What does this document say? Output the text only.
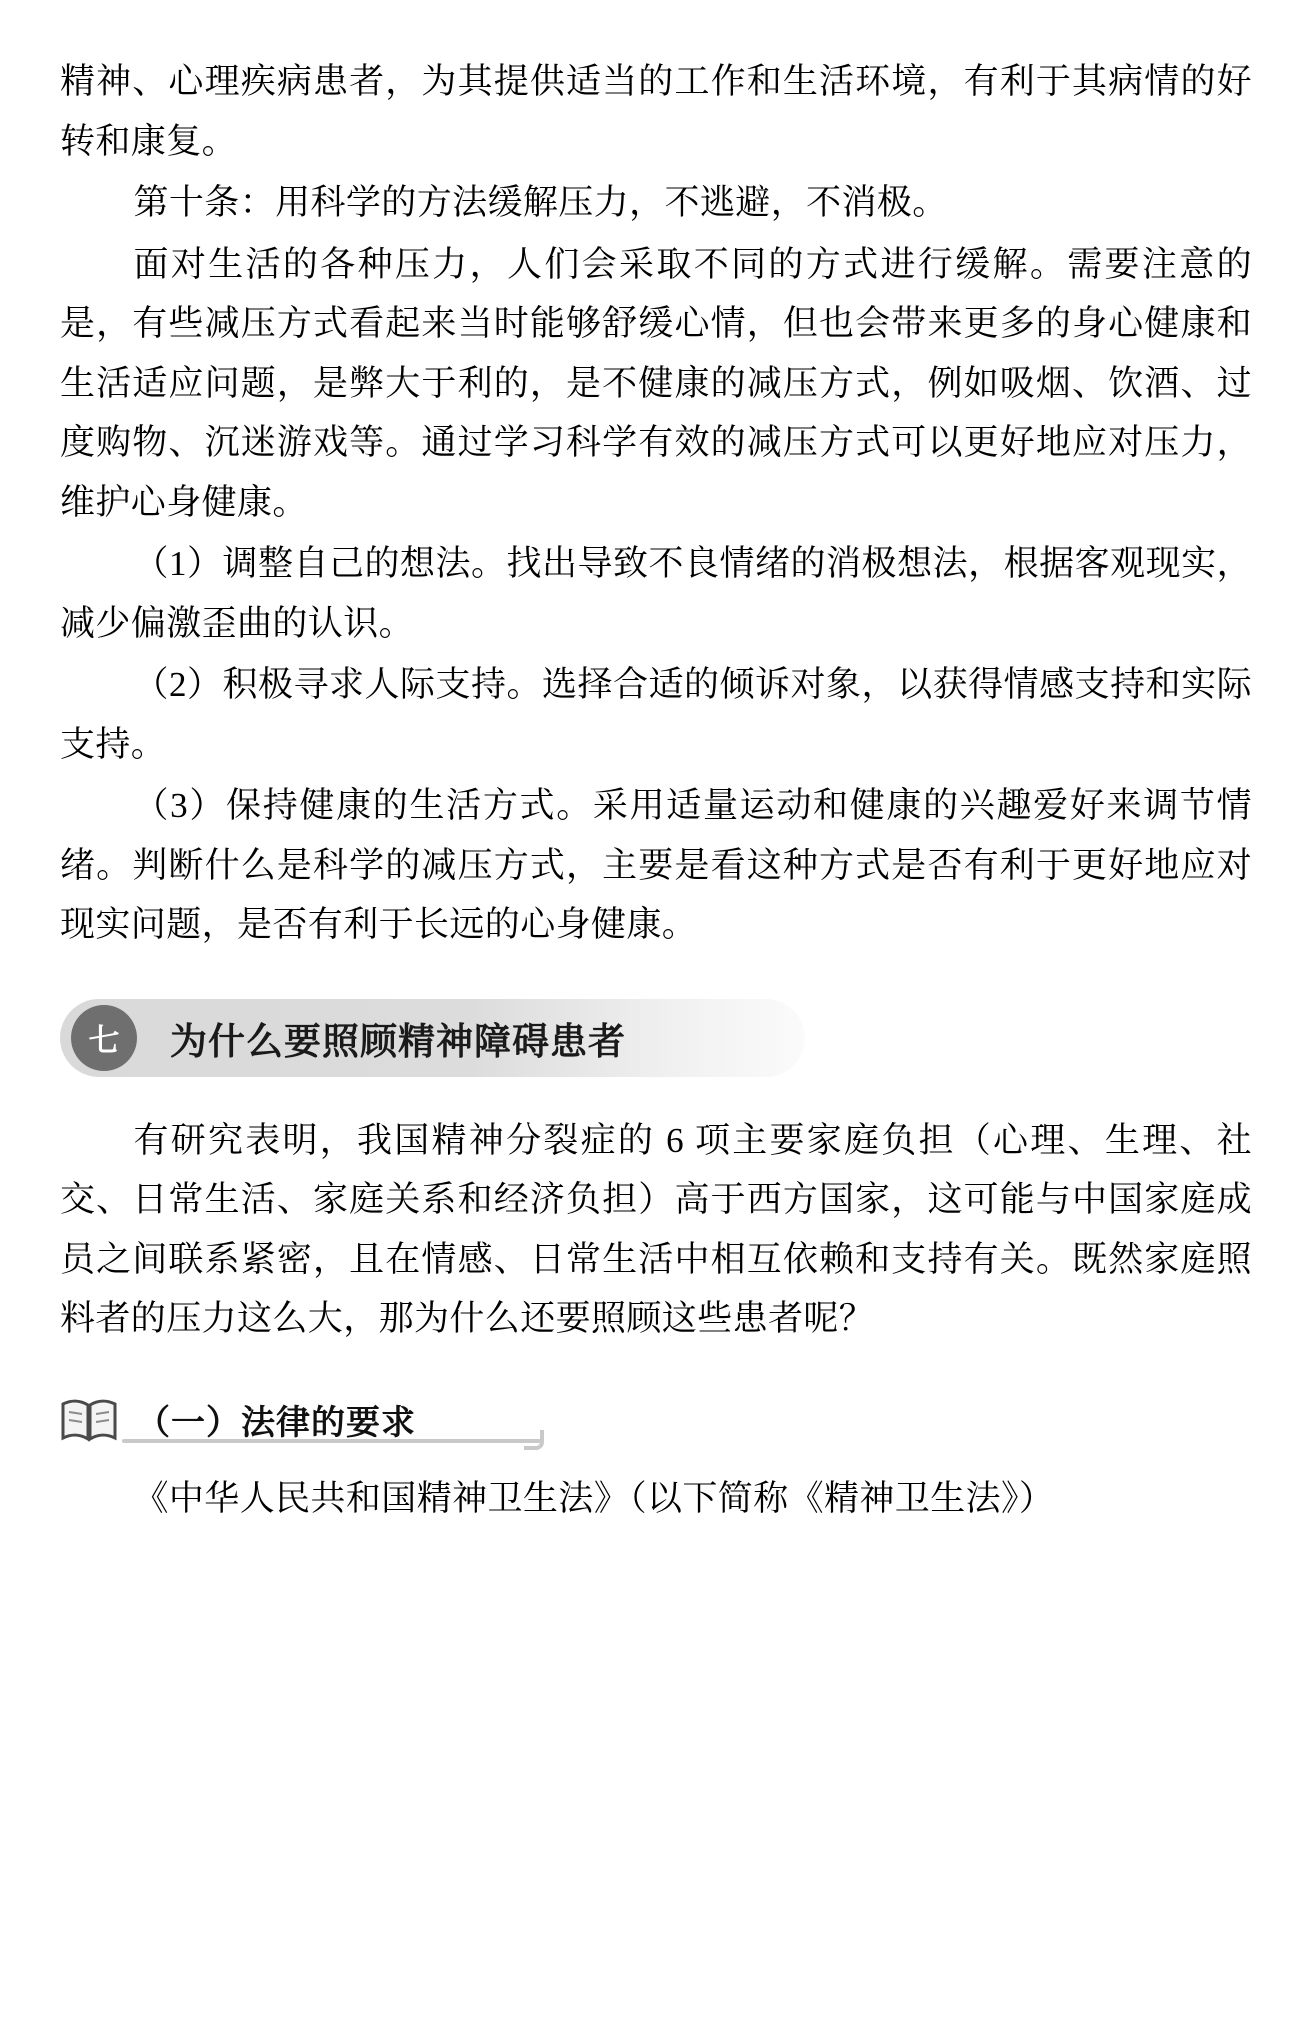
精神、心理疾病患者，为其提供适当的工作和生活环境，有利于其病情的好转和康复。

第十条：用科学的方法缓解压力，不逃避，不消极。

面对生活的各种压力，人们会采取不同的方式进行缓解。需要注意的是，有些减压方式看起来当时能够舒缓心情，但也会带来更多的身心健康和生活适应问题，是弊大于利的，是不健康的减压方式，例如吸烟、饮酒、过度购物、沉迷游戏等。通过学习科学有效的减压方式可以更好地应对压力，维护心身健康。

（1）调整自己的想法。找出导致不良情绪的消极想法，根据客观现实，减少偏激歪曲的认识。

（2）积极寻求人际支持。选择合适的倾诉对象，以获得情感支持和实际支持。

（3）保持健康的生活方式。采用适量运动和健康的兴趣爱好来调节情绪。判断什么是科学的减压方式，主要是看这种方式是否有利于更好地应对现实问题，是否有利于长远的心身健康。

七	为什么要照顾精神障碍患者

有研究表明，我国精神分裂症的 6 项主要家庭负担（心理、生理、社交、日常生活、家庭关系和经济负担）高于西方国家，这可能与中国家庭成员之间联系紧密，且在情感、日常生活中相互依赖和支持有关。既然家庭照料者的压力这么大，那为什么还要照顾这些患者呢？

（一）法律的要求

《中华人民共和国精神卫生法》（以下简称《精神卫生法》）
